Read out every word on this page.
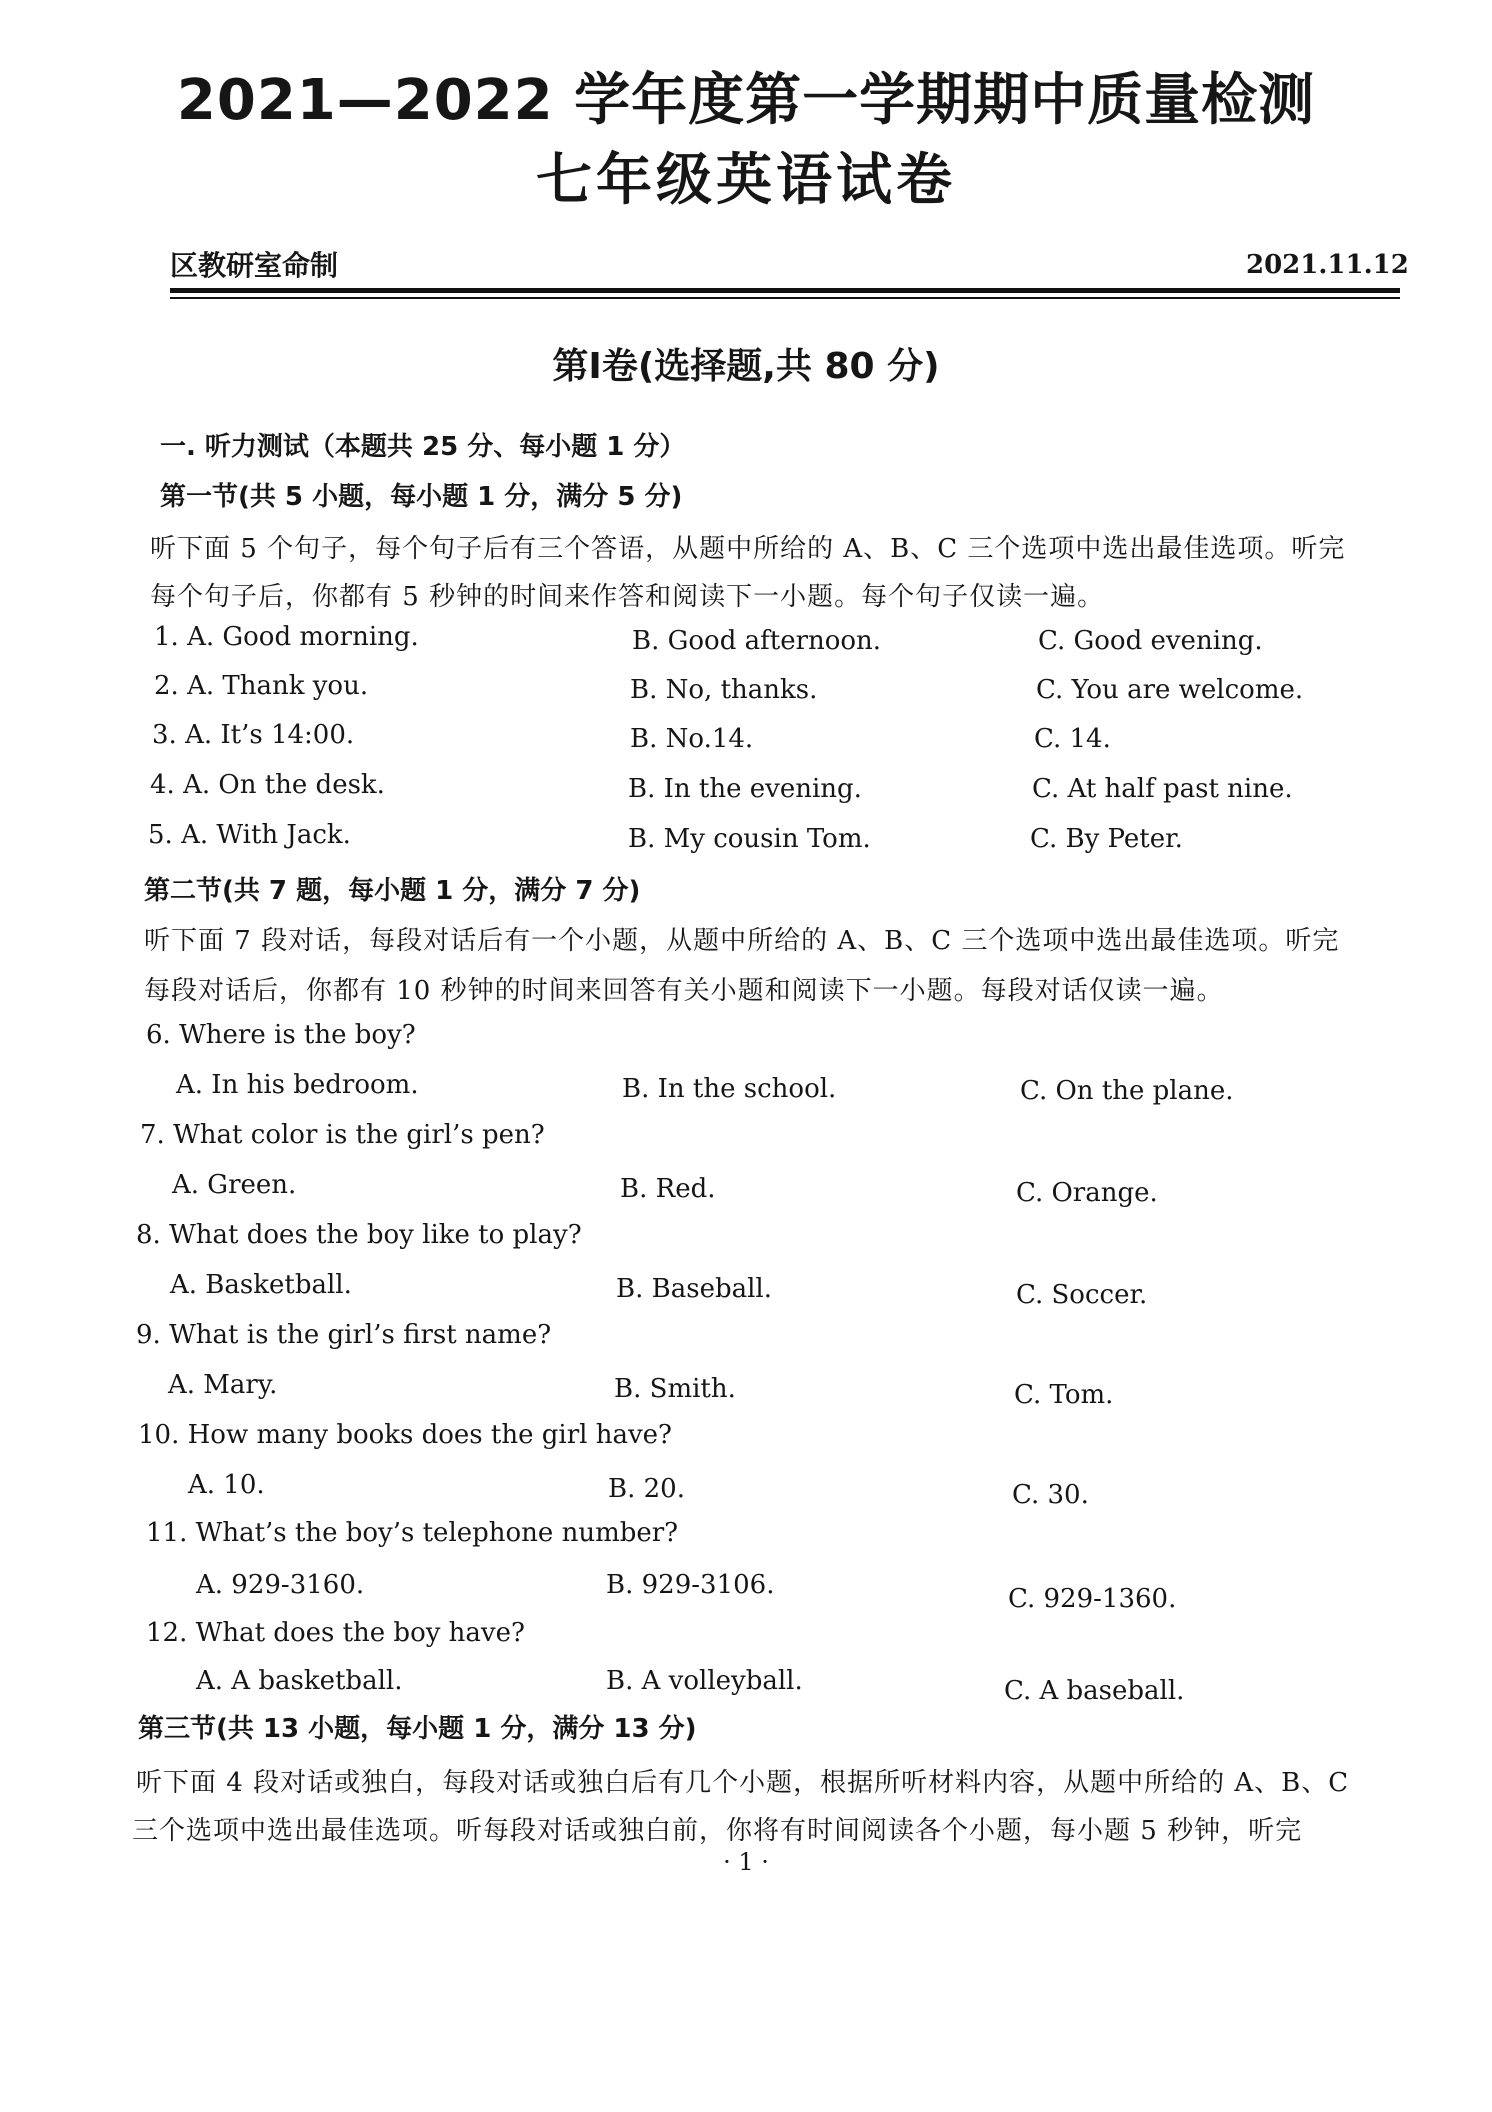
2021—2022 学年度第一学期期中质量检测
七年级英语试卷
区教研室命制	2021.11.12
第Ⅰ卷(选择题,共 80 分)
一. 听力测试（本题共 25 分、每小题 1 分）
第一节(共 5 小题，每小题 1 分，满分 5 分)
听下面 5 个句子，每个句子后有三个答语，从题中所给的 A、B、C 三个选项中选出最佳选项。听完
每个句子后，你都有 5 秒钟的时间来作答和阅读下一小题。每个句子仅读一遍。
1. A. Good morning.	B. Good afternoon.	C. Good evening.
2. A. Thank you.	B. No, thanks.	C. You are welcome.
3. A. It’s 14:00.	B. No.14.	C. 14.
4. A. On the desk.	B. In the evening.	C. At half past nine.
5. A. With Jack.	B. My cousin Tom.	C. By Peter.
第二节(共 7 题，每小题 1 分，满分 7 分)
听下面 7 段对话，每段对话后有一个小题，从题中所给的 A、B、C 三个选项中选出最佳选项。听完
每段对话后，你都有 10 秒钟的时间来回答有关小题和阅读下一小题。每段对话仅读一遍。
6. Where is the boy?
A. In his bedroom.	B. In the school.	C. On the plane.
7. What color is the girl’s pen?
A. Green.	B. Red.	C. Orange.
8. What does the boy like to play?
A. Basketball.	B. Baseball.	C. Soccer.
9. What is the girl’s first name?
A. Mary.	B. Smith.	C. Tom.
10. How many books does the girl have?
A. 10.	B. 20.	C. 30.
11. What’s the boy’s telephone number?
A. 929-3160.	B. 929-3106.	C. 929-1360.
12. What does the boy have?
A. A basketball.	B. A volleyball.	C. A baseball.
第三节(共 13 小题，每小题 1 分，满分 13 分)
听下面 4 段对话或独白，每段对话或独白后有几个小题，根据所听材料内容，从题中所给的 A、B、C
三个选项中选出最佳选项。听每段对话或独白前，你将有时间阅读各个小题，每小题 5 秒钟，听完
· 1 ·
